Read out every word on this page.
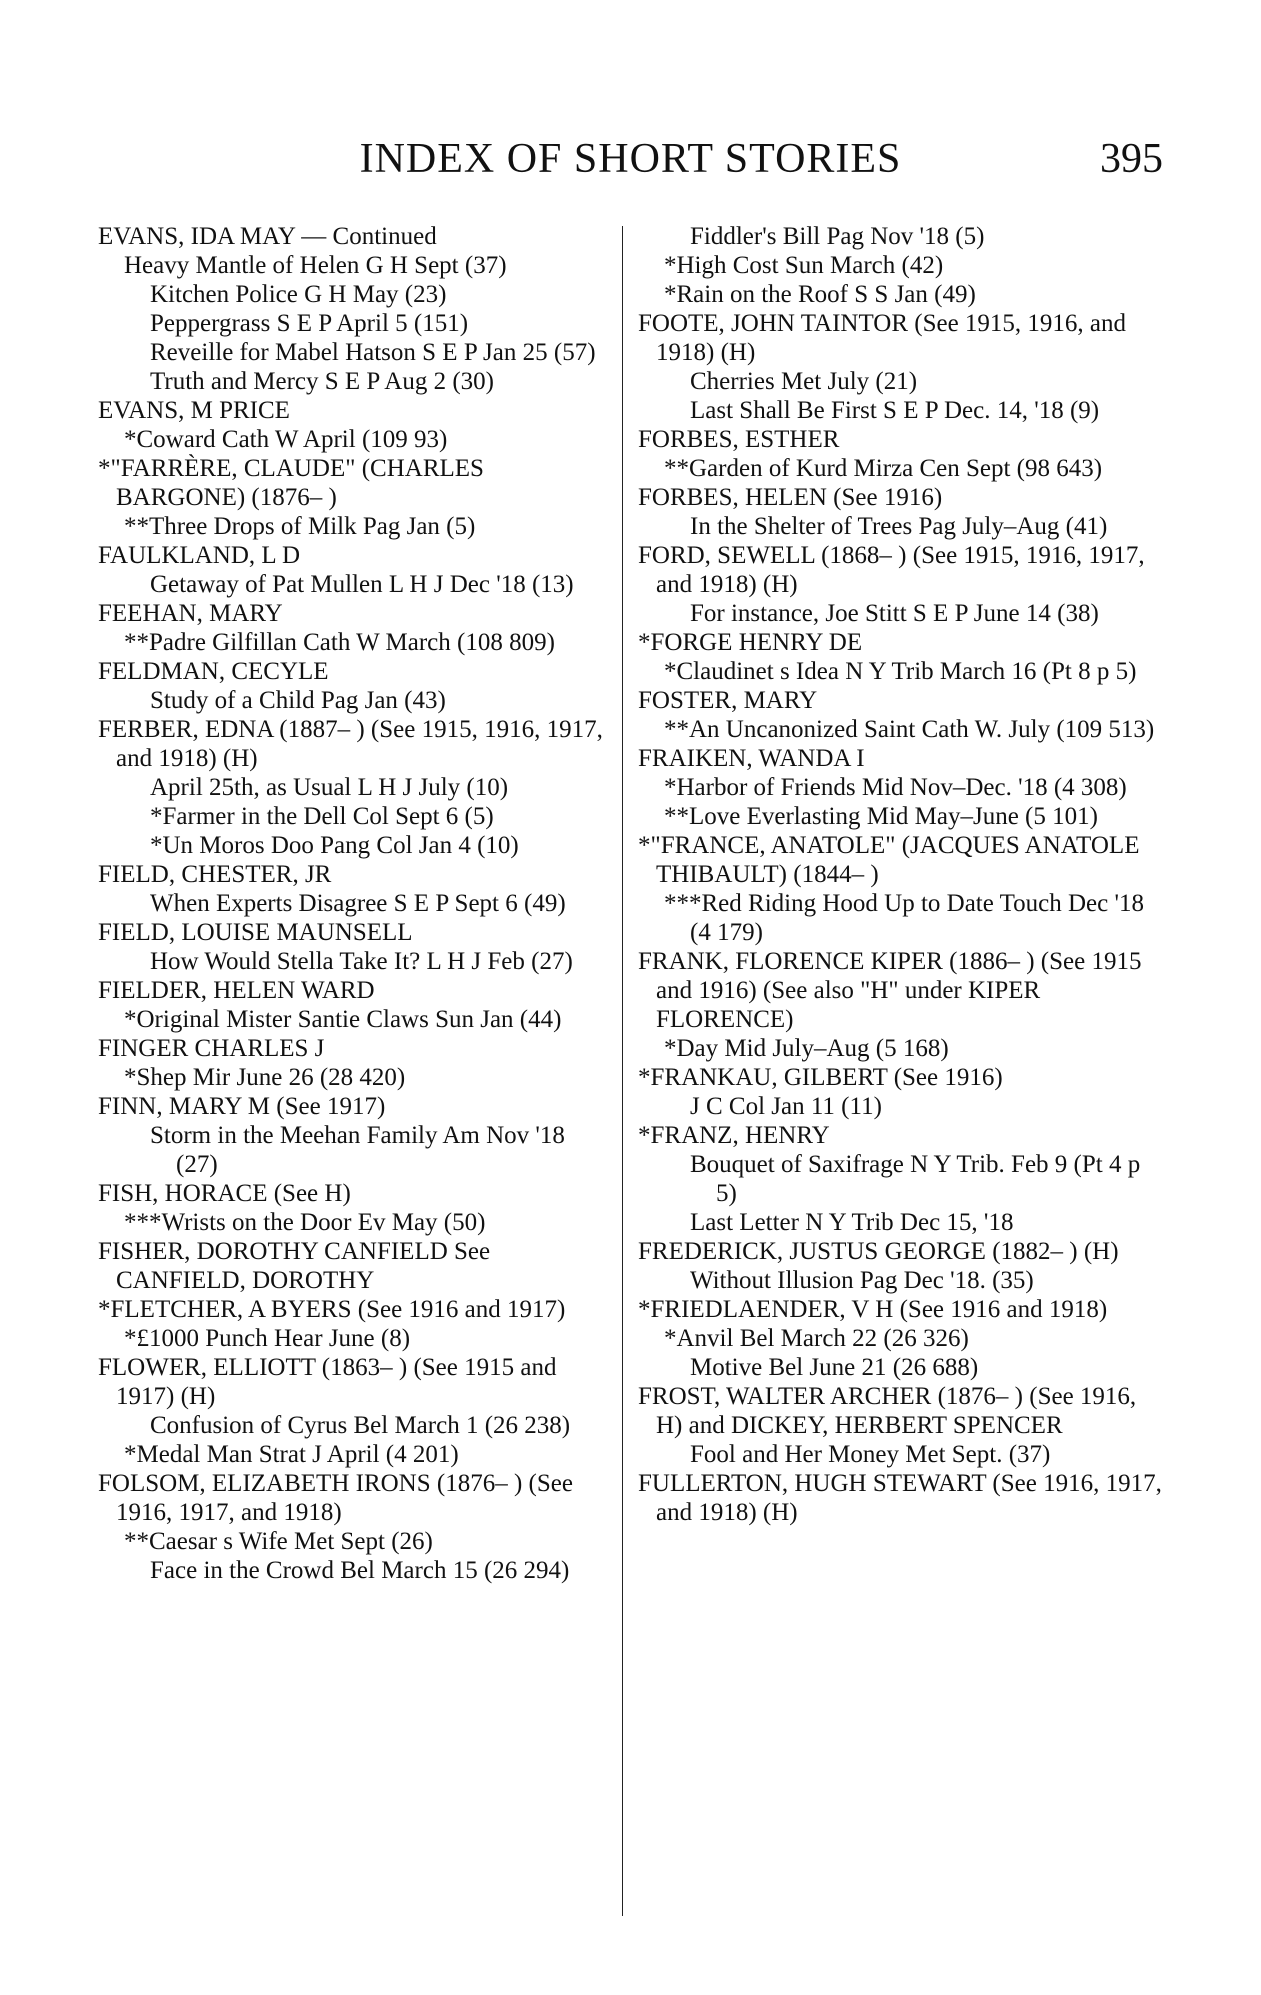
INDEX OF SHORT STORIES	395
EVANS, IDA MAY — Continued
Heavy Mantle of Helen G H Sept (37)
Kitchen Police G H May (23)
Peppergrass S E P April 5 (151)
Reveille for Mabel Hatson S E P Jan 25 (57)
Truth and Mercy S E P Aug 2 (30)
EVANS, M PRICE
*Coward Cath W April (109 93)
*"FARRÈRE, CLAUDE" (CHARLES BARGONE) (1876– )
**Three Drops of Milk Pag Jan (5)
FAULKLAND, L D
Getaway of Pat Mullen L H J Dec '18 (13)
FEEHAN, MARY
**Padre Gilfillan Cath W March (108 809)
FELDMAN, CECYLE
Study of a Child Pag Jan (43)
FERBER, EDNA (1887– ) (See 1915, 1916, 1917, and 1918) (H)
April 25th, as Usual L H J July (10)
*Farmer in the Dell Col Sept 6 (5)
*Un Moros Doo Pang Col Jan 4 (10)
FIELD, CHESTER, JR
When Experts Disagree S E P Sept 6 (49)
FIELD, LOUISE MAUNSELL
How Would Stella Take It? L H J Feb (27)
FIELDER, HELEN WARD
*Original Mister Santie Claws Sun Jan (44)
FINGER CHARLES J
*Shep Mir June 26 (28 420)
FINN, MARY M (See 1917)
Storm in the Meehan Family Am Nov '18 (27)
FISH, HORACE (See H)
***Wrists on the Door Ev May (50)
FISHER, DOROTHY CANFIELD See CANFIELD, DOROTHY
*FLETCHER, A BYERS (See 1916 and 1917)
*£1000 Punch Hear June (8)
FLOWER, ELLIOTT (1863– ) (See 1915 and 1917) (H)
Confusion of Cyrus Bel March 1 (26 238)
*Medal Man Strat J April (4 201)
FOLSOM, ELIZABETH IRONS (1876– ) (See 1916, 1917, and 1918)
**Caesar s Wife Met Sept (26)
Face in the Crowd Bel March 15 (26 294)
Fiddler's Bill Pag Nov '18 (5)
*High Cost Sun March (42)
*Rain on the Roof S S Jan (49)
FOOTE, JOHN TAINTOR (See 1915, 1916, and 1918) (H)
Cherries Met July (21)
Last Shall Be First S E P Dec. 14, '18 (9)
FORBES, ESTHER
**Garden of Kurd Mirza Cen Sept (98 643)
FORBES, HELEN (See 1916)
In the Shelter of Trees Pag July–Aug (41)
FORD, SEWELL (1868– ) (See 1915, 1916, 1917, and 1918) (H)
For instance, Joe Stitt S E P June 14 (38)
*FORGE HENRY DE
*Claudinet s Idea N Y Trib March 16 (Pt 8 p 5)
FOSTER, MARY
**An Uncanonized Saint Cath W. July (109 513)
FRAIKEN, WANDA I
*Harbor of Friends Mid Nov–Dec. '18 (4 308)
**Love Everlasting Mid May–June (5 101)
*"FRANCE, ANATOLE" (JACQUES ANATOLE THIBAULT) (1844– )
***Red Riding Hood Up to Date Touch Dec '18 (4 179)
FRANK, FLORENCE KIPER (1886– ) (See 1915 and 1916) (See also "H" under KIPER FLORENCE)
*Day Mid July–Aug (5 168)
*FRANKAU, GILBERT (See 1916)
J C Col Jan 11 (11)
*FRANZ, HENRY
Bouquet of Saxifrage N Y Trib. Feb 9 (Pt 4 p 5)
Last Letter N Y Trib Dec 15, '18
FREDERICK, JUSTUS GEORGE (1882– ) (H)
Without Illusion Pag Dec '18. (35)
*FRIEDLAENDER, V H (See 1916 and 1918)
*Anvil Bel March 22 (26 326)
Motive Bel June 21 (26 688)
FROST, WALTER ARCHER (1876– ) (See 1916, H) and DICKEY, HERBERT SPENCER
Fool and Her Money Met Sept. (37)
FULLERTON, HUGH STEWART (See 1916, 1917, and 1918) (H)
